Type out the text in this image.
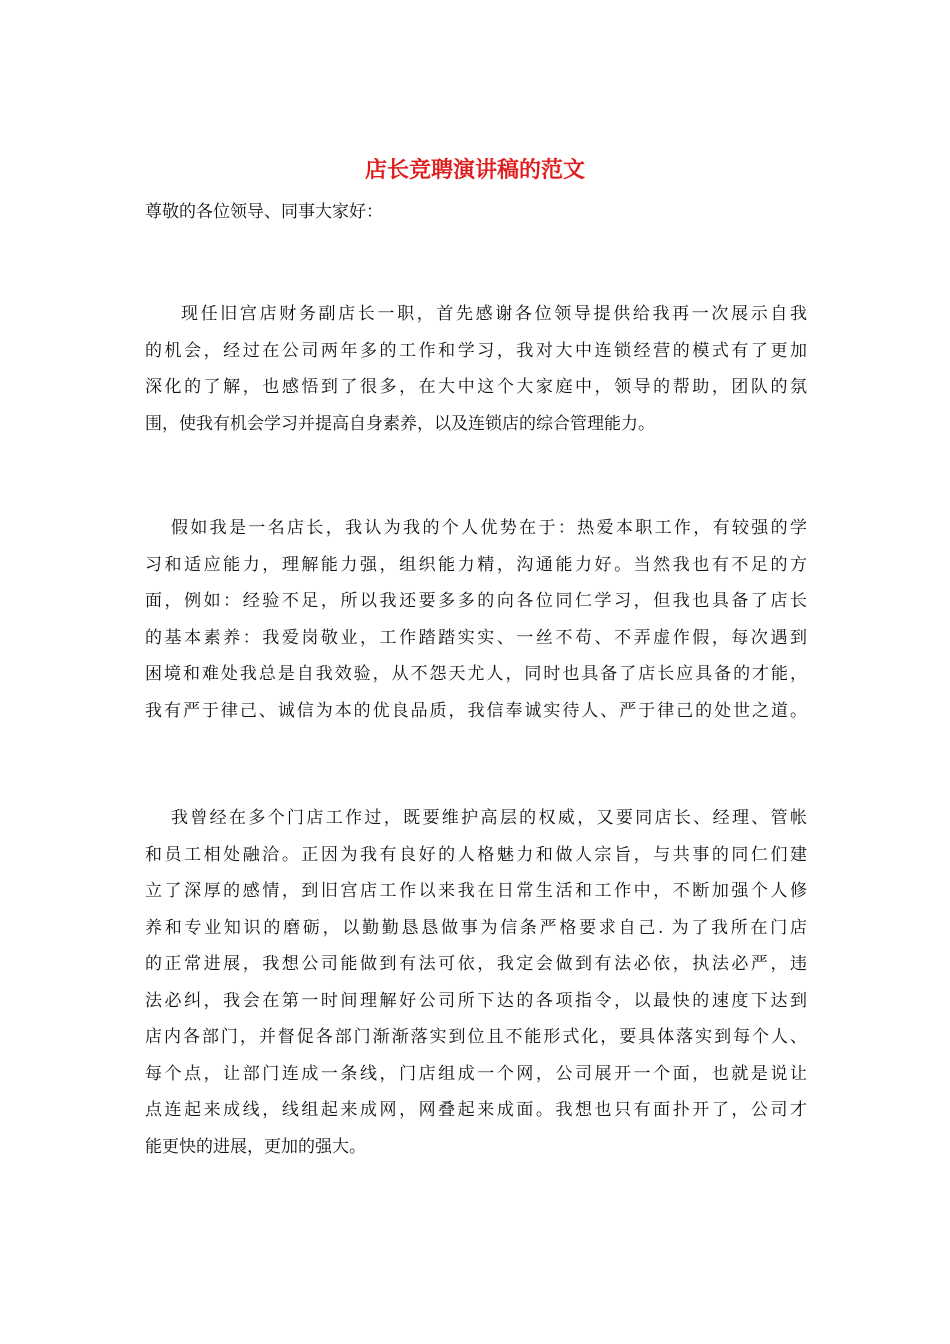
店长竞聘演讲稿的范文

尊敬的各位领导、同事大家好：

现任旧宫店财务副店长一职，首先感谢各位领导提供给我再一次展示自我
的机会，经过在公司两年多的工作和学习，我对大中连锁经营的模式有了更加
深化的了解，也感悟到了很多，在大中这个大家庭中，领导的帮助，团队的氛
围，使我有机会学习并提高自身素养，以及连锁店的综合管理能力。
假如我是一名店长，我认为我的个人优势在于：热爱本职工作，有较强的学
习和适应能力，理解能力强，组织能力精，沟通能力好。当然我也有不足的方
面，例如：经验不足，所以我还要多多的向各位同仁学习，但我也具备了店长
的基本素养：我爱岗敬业，工作踏踏实实、一丝不苟、不弄虚作假，每次遇到
困境和难处我总是自我效验，从不怨天尤人，同时也具备了店长应具备的才能，
我有严于律己、诚信为本的优良品质，我信奉诚实待人、严于律己的处世之道。
我曾经在多个门店工作过，既要维护高层的权威，又要同店长、经理、管帐
和员工相处融洽。正因为我有良好的人格魅力和做人宗旨，与共事的同仁们建
立了深厚的感情，到旧宫店工作以来我在日常生活和工作中，不断加强个人修
养和专业知识的磨砺，以勤勤恳恳做事为信条严格要求自己. 为了我所在门店
的正常进展，我想公司能做到有法可依，我定会做到有法必依，执法必严，违
法必纠，我会在第一时间理解好公司所下达的各项指令，以最快的速度下达到
店内各部门，并督促各部门渐渐落实到位且不能形式化，要具体落实到每个人、
每个点，让部门连成一条线，门店组成一个网，公司展开一个面，也就是说让
点连起来成线，线组起来成网，网叠起来成面。我想也只有面扑开了，公司才
能更快的进展，更加的强大。
